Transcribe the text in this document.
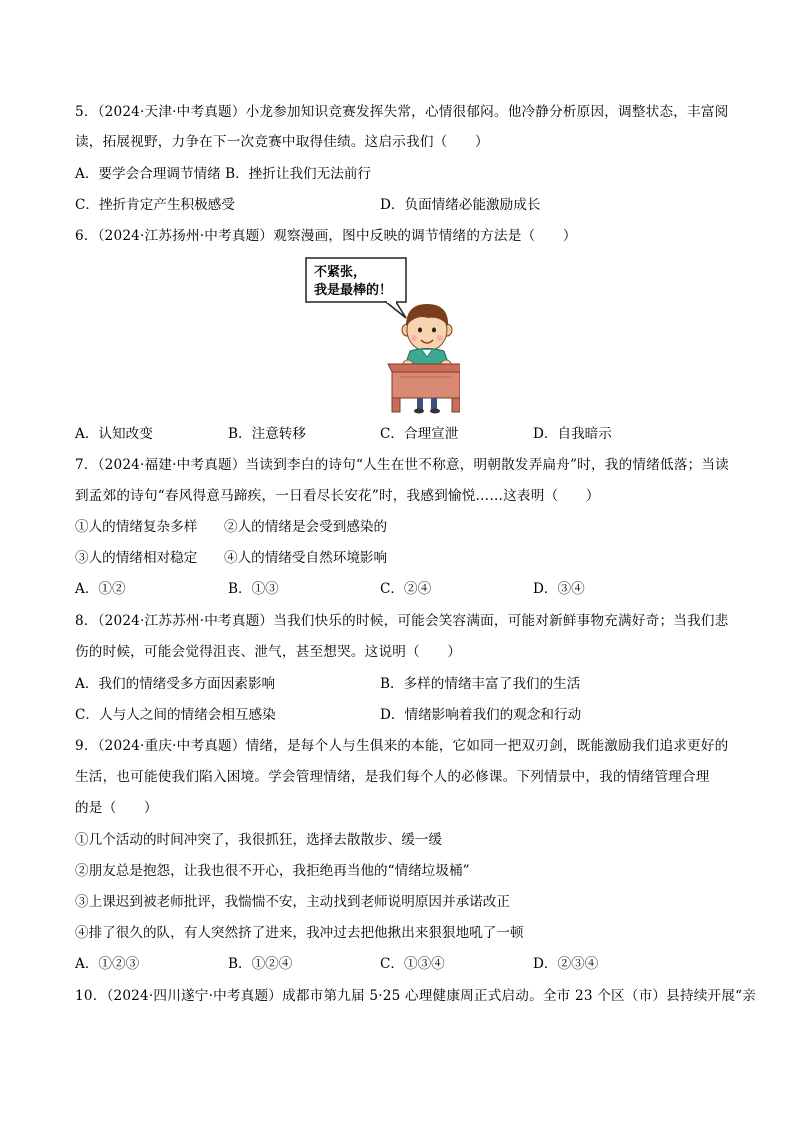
5．（2024·天津·中考真题）小龙参加知识竞赛发挥失常，心情很郁闷。他冷静分析原因，调整状态，丰富阅
读，拓展视野，力争在下一次竞赛中取得佳绩。这启示我们（　　）
A．要学会合理调节情绪 B．挫折让我们无法前行
C．挫折肯定产生积极感受	D．负面情绪必能激励成长
6．（2024·江苏扬州·中考真题）观察漫画，图中反映的调节情绪的方法是（　　）
不紧张，
我是最棒的！
A．认知改变	B．注意转移	C．合理宣泄	D．自我暗示
7．（2024·福建·中考真题）当读到李白的诗句“人生在世不称意，明朝散发弄扁舟”时，我的情绪低落；当读
到孟郊的诗句“春风得意马蹄疾，一日看尽长安花”时，我感到愉悦……这表明（　　）
①人的情绪复杂多样 ②人的情绪是会受到感染的
③人的情绪相对稳定 ④人的情绪受自然环境影响
A．①②	B．①③	C．②④	D．③④
8．（2024·江苏苏州·中考真题）当我们快乐的时候，可能会笑容满面，可能对新鲜事物充满好奇；当我们悲
伤的时候，可能会觉得沮丧、泄气，甚至想哭。这说明（　　）
A．我们的情绪受多方面因素影响	B．多样的情绪丰富了我们的生活
C．人与人之间的情绪会相互感染	D．情绪影响着我们的观念和行动
9．（2024·重庆·中考真题）情绪，是每个人与生俱来的本能，它如同一把双刃剑，既能激励我们追求更好的
生活，也可能使我们陷入困境。学会管理情绪，是我们每个人的必修课。下列情景中，我的情绪管理合理
的是（　　）
①几个活动的时间冲突了，我很抓狂，选择去散散步、缓一缓
②朋友总是抱怨，让我也很不开心，我拒绝再当他的“情绪垃圾桶”
③上课迟到被老师批评，我惴惴不安，主动找到老师说明原因并承诺改正
④排了很久的队，有人突然挤了进来，我冲过去把他揪出来狠狠地吼了一顿
A．①②③	B．①②④	C．①③④	D．②③④
10．（2024·四川遂宁·中考真题）成都市第九届 5·25 心理健康周正式启动。全市 23 个区（市）县持续开展“亲
